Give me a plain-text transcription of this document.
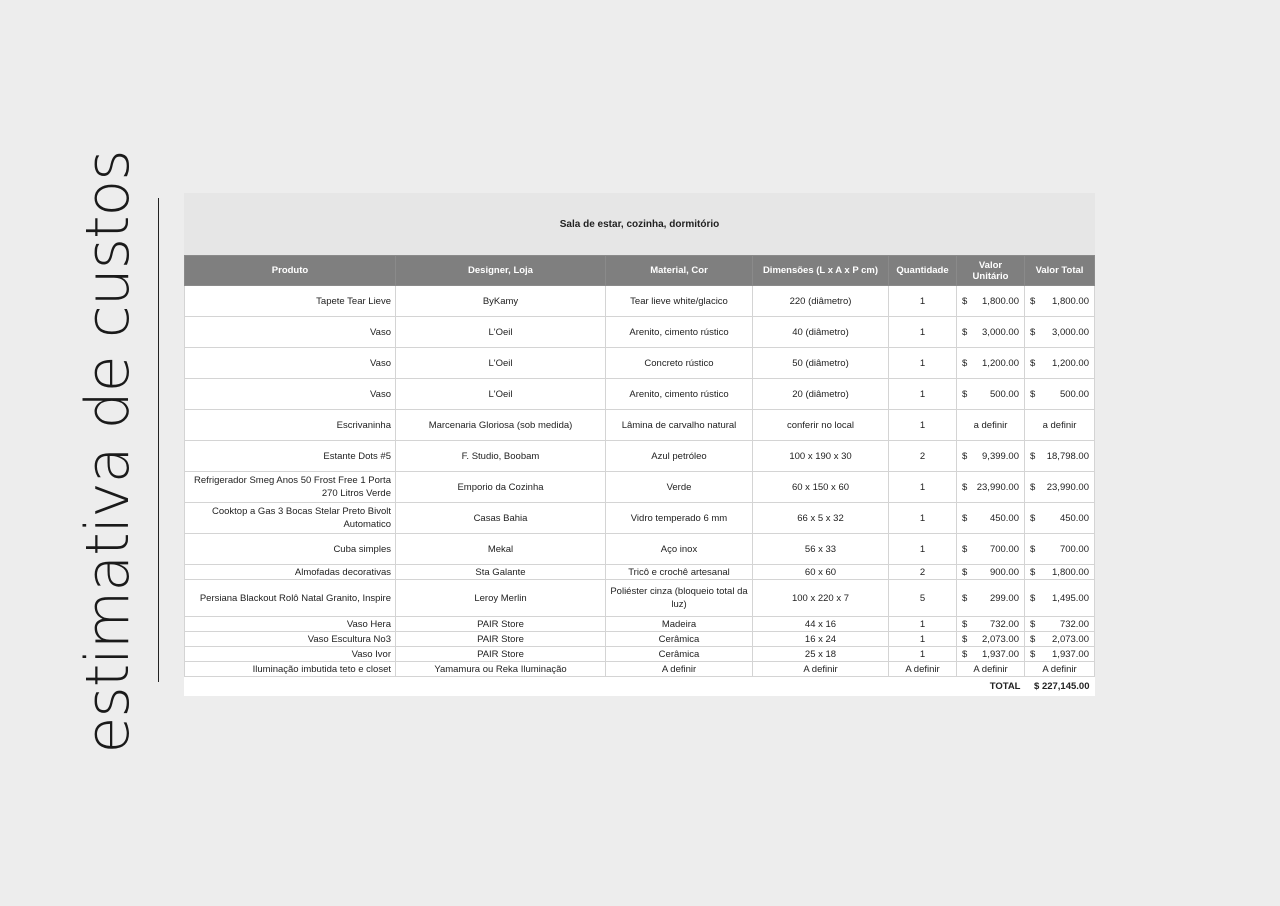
estimativa de custos	Sala de estar, cozinha, dormitório
Produto	Designer, Loja	Material, Cor	Dimensões (L x A x P cm)	Quantidade	Valor Unitário	Valor Total
Tapete Tear Lieve	ByKamy	Tear lieve white/glacico	220 (diâmetro)	1	$ 1,800.00	$ 1,800.00
Vaso	L'Oeil	Arenito, cimento rústico	40 (diâmetro)	1	$ 3,000.00	$ 3,000.00
Vaso	L'Oeil	Concreto rústico	50 (diâmetro)	1	$ 1,200.00	$ 1,200.00
Vaso	L'Oeil	Arenito, cimento rústico	20 (diâmetro)	1	$ 500.00	$ 500.00
Escrivaninha	Marcenaria Gloriosa (sob medida)	Lâmina de carvalho natural	conferir no local	1	a definir	a definir
Estante Dots #5	F. Studio, Boobam	Azul petróleo	100 x 190 x 30	2	$ 9,399.00	$ 18,798.00
Refrigerador Smeg Anos 50 Frost Free 1 Porta 270 Litros Verde	Emporio da Cozinha	Verde	60 x 150 x 60	1	$ 23,990.00	$ 23,990.00
Cooktop a Gas 3 Bocas Stelar Preto Bivolt Automatico	Casas Bahia	Vidro temperado 6 mm	66 x 5 x 32	1	$ 450.00	$ 450.00
Cuba simples	Mekal	Aço inox	56 x 33	1	$ 700.00	$ 700.00
Almofadas decorativas	Sta Galante	Tricô e crochê artesanal	60 x 60	2	$ 900.00	$ 1,800.00
Persiana Blackout Rolô Natal Granito, Inspire	Leroy Merlin	Poliéster cinza (bloqueio total da luz)	100 x 220 x 7	5	$ 299.00	$ 1,495.00
Vaso Hera	PAIR Store	Madeira	44 x 16	1	$ 732.00	$ 732.00
Vaso Escultura No3	PAIR Store	Cerâmica	16 x 24	1	$ 2,073.00	$ 2,073.00
Vaso Ivor	PAIR Store	Cerâmica	25 x 18	1	$ 1,937.00	$ 1,937.00
Iluminação imbutida teto e closet	Yamamura ou Reka Iluminação	A definir	A definir	A definir	A definir	A definir
TOTAL						$ 227,145.00
